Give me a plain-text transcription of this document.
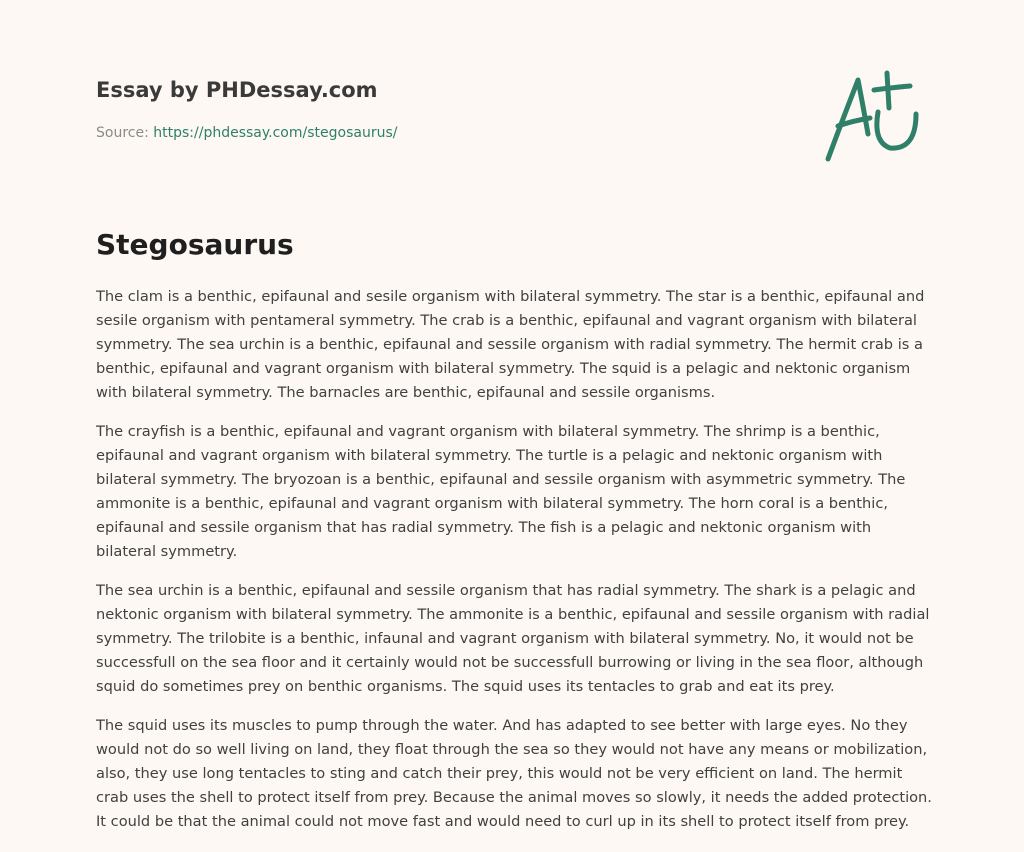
Essay by PHDessay.com
Source: https://phdessay.com/stegosaurus/
Stegosaurus

The clam is a benthic, epifaunal and sesile organism with bilateral symmetry. The star is a benthic, epifaunal and sesile organism with pentameral symmetry. The crab is a benthic, epifaunal and vagrant organism with bilateral symmetry. The sea urchin is a benthic, epifaunal and sessile organism with radial symmetry. The hermit crab is a benthic, epifaunal and vagrant organism with bilateral symmetry. The squid is a pelagic and nektonic organism with bilateral symmetry. The barnacles are benthic, epifaunal and sessile organisms.

The crayfish is a benthic, epifaunal and vagrant organism with bilateral symmetry. The shrimp is a benthic, epifaunal and vagrant organism with bilateral symmetry. The turtle is a pelagic and nektonic organism with bilateral symmetry. The bryozoan is a benthic, epifaunal and sessile organism with asymmetric symmetry. The ammonite is a benthic, epifaunal and vagrant organism with bilateral symmetry. The horn coral is a benthic, epifaunal and sessile organism that has radial symmetry. The fish is a pelagic and nektonic organism with bilateral symmetry.

The sea urchin is a benthic, epifaunal and sessile organism that has radial symmetry. The shark is a pelagic and nektonic organism with bilateral symmetry. The ammonite is a benthic, epifaunal and sessile organism with radial symmetry. The trilobite is a benthic, infaunal and vagrant organism with bilateral symmetry. No, it would not be successfull on the sea floor and it certainly would not be successfull burrowing or living in the sea floor, although squid do sometimes prey on benthic organisms. The squid uses its tentacles to grab and eat its prey.

The squid uses its muscles to pump through the water. And has adapted to see better with large eyes. No they would not do so well living on land, they float through the sea so they would not have any means or mobilization, also, they use long tentacles to sting and catch their prey, this would not be very efficient on land. The hermit crab uses the shell to protect itself from prey. Because the animal moves so slowly, it needs the added protection. It could be that the animal could not move fast and would need to curl up in its shell to protect itself from prey.
